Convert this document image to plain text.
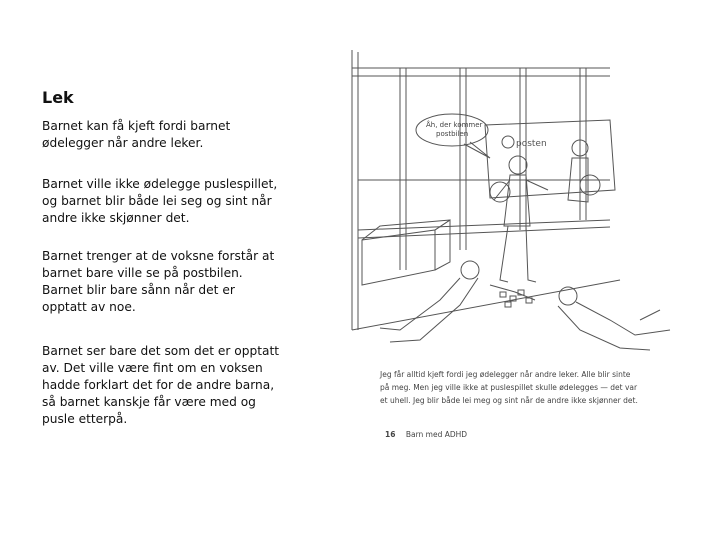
Lek

Barnet kan få kjeft fordi barnet

ødelegger når andre leker.

Barnet ville ikke ødelegge puslespillet,

og barnet blir både lei seg og sint når

andre ikke skjønner det.

Barnet trenger at de voksne forstår at

barnet bare ville se på postbilen.

Barnet blir bare sånn når det er

opptatt av noe.

Barnet ser bare det som det er opptatt

av. Det ville være fint om en voksen

hadde forklart det for de andre barna,

så barnet kanskje får være med og

pusle etterpå.

posten
Åh, der kommer
postbilen

Jeg får alltid kjeft fordi jeg ødelegger når andre leker. Alle blir sinte

på meg. Men jeg ville ikke at puslespillet skulle ødelegges — det var

et uhell. Jeg blir både lei meg og sint når de andre ikke skjønner det.

16 Barn med ADHD
